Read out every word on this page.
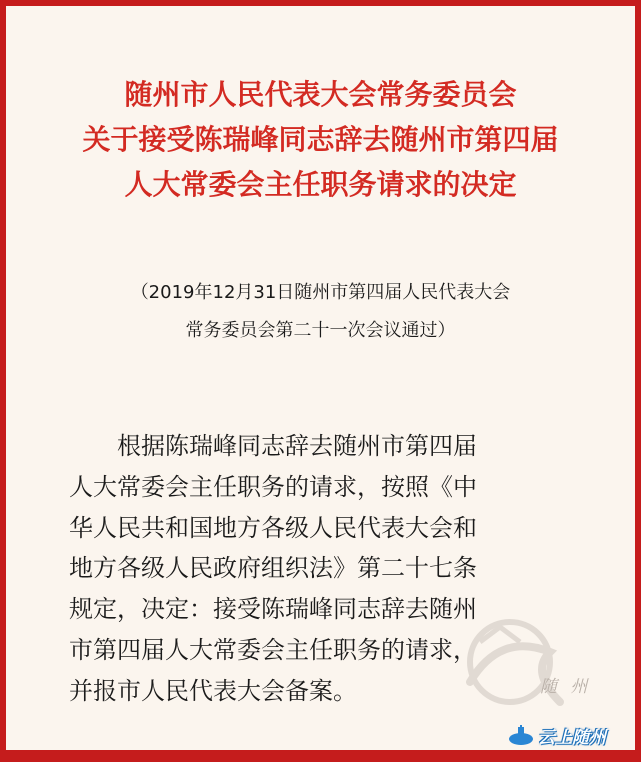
随州市人民代表大会常务委员会
关于接受陈瑞峰同志辞去随州市第四届
人大常委会主任职务请求的决定
（2019年12月31日随州市第四届人民代表大会
常务委员会第二十一次会议通过）
　　根据陈瑞峰同志辞去随州市第四届
人大常委会主任职务的请求，按照《中
华人民共和国地方各级人民代表大会和
地方各级人民政府组织法》第二十七条
规定，决定：接受陈瑞峰同志辞去随州
市第四届人大常委会主任职务的请求，
并报市人民代表大会备案。	随 州
云上随州
